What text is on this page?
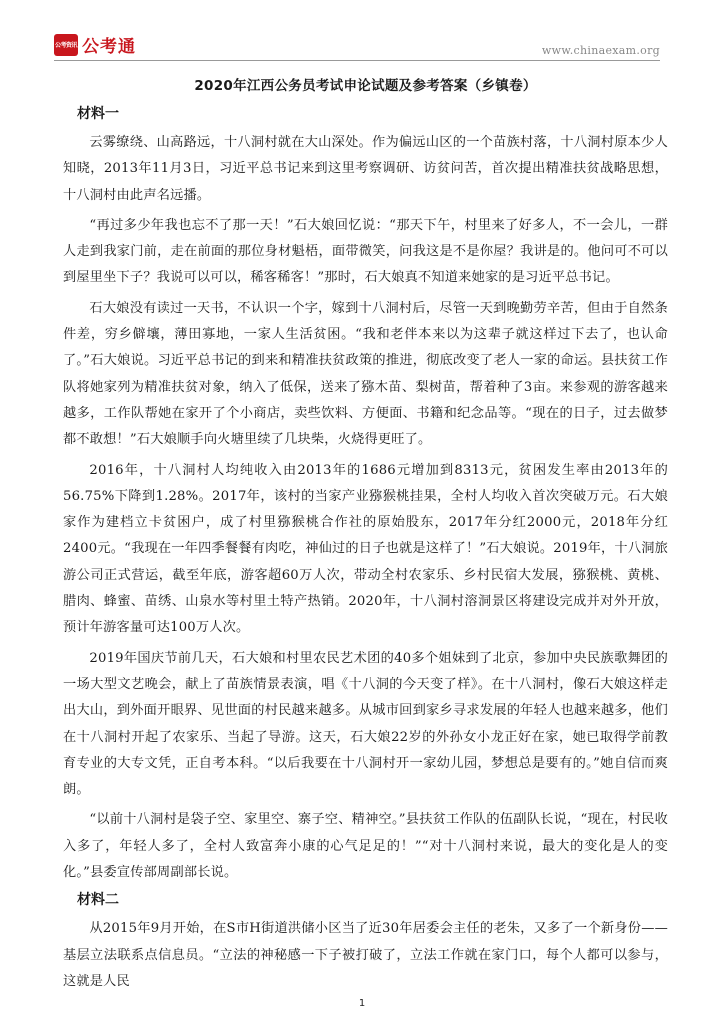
公考资讯 公考通	www.chinaexam.org
2020年江西公务员考试申论试题及参考答案（乡镇卷）
材料一

云雾缭绕、山高路远，十八洞村就在大山深处。作为偏远山区的一个苗族村落，十八洞村原本少人知晓，2013年11月3日，习近平总书记来到这里考察调研、访贫问苦，首次提出精准扶贫战略思想，十八洞村由此声名远播。

“再过多少年我也忘不了那一天！”石大娘回忆说：“那天下午，村里来了好多人，不一会儿，一群人走到我家门前，走在前面的那位身材魁梧，面带微笑，问我这是不是你屋？我讲是的。他问可不可以到屋里坐下子？我说可以可以，稀客稀客！”那时，石大娘真不知道来她家的是习近平总书记。

石大娘没有读过一天书，不认识一个字，嫁到十八洞村后，尽管一天到晚勤劳辛苦，但由于自然条件差，穷乡僻壤，薄田寡地，一家人生活贫困。“我和老伴本来以为这辈子就这样过下去了，也认命了。”石大娘说。习近平总书记的到来和精准扶贫政策的推进，彻底改变了老人一家的命运。县扶贫工作队将她家列为精准扶贫对象，纳入了低保，送来了猕木苗、梨树苗，帮着种了3亩。来参观的游客越来越多，工作队帮她在家开了个小商店，卖些饮料、方便面、书籍和纪念品等。“现在的日子，过去做梦都不敢想！”石大娘顺手向火塘里续了几块柴，火烧得更旺了。

2016年，十八洞村人均纯收入由2013年的1686元增加到8313元，贫困发生率由2013年的56.75%下降到1.28%。2017年，该村的当家产业猕猴桃挂果，全村人均收入首次突破万元。石大娘家作为建档立卡贫困户，成了村里猕猴桃合作社的原始股东，2017年分红2000元，2018年分红2400元。“我现在一年四季餐餐有肉吃，神仙过的日子也就是这样了！”石大娘说。2019年，十八洞旅游公司正式营运，截至年底，游客超60万人次，带动全村农家乐、乡村民宿大发展，猕猴桃、黄桃、腊肉、蜂蜜、苗绣、山泉水等村里土特产热销。2020年，十八洞村溶洞景区将建设完成并对外开放，预计年游客量可达100万人次。

2019年国庆节前几天，石大娘和村里农民艺术团的40多个姐妹到了北京，参加中央民族歌舞团的一场大型文艺晚会，献上了苗族情景表演，唱《十八洞的今天变了样》。在十八洞村，像石大娘这样走出大山，到外面开眼界、见世面的村民越来越多。从城市回到家乡寻求发展的年轻人也越来越多，他们在十八洞村开起了农家乐、当起了导游。这天，石大娘22岁的外孙女小龙正好在家，她已取得学前教育专业的大专文凭，正自考本科。“以后我要在十八洞村开一家幼儿园，梦想总是要有的。”她自信而爽朗。

“以前十八洞村是袋子空、家里空、寨子空、精神空。”县扶贫工作队的伍副队长说，“现在，村民收入多了，年轻人多了，全村人致富奔小康的心气足足的！”“对十八洞村来说，最大的变化是人的变化。”县委宣传部周副部长说。

材料二

从2015年9月开始，在S市H街道洪储小区当了近30年居委会主任的老朱，又多了一个新身份——基层立法联系点信息员。“立法的神秘感一下子被打破了，立法工作就在家门口，每个人都可以参与，这就是人民

1
